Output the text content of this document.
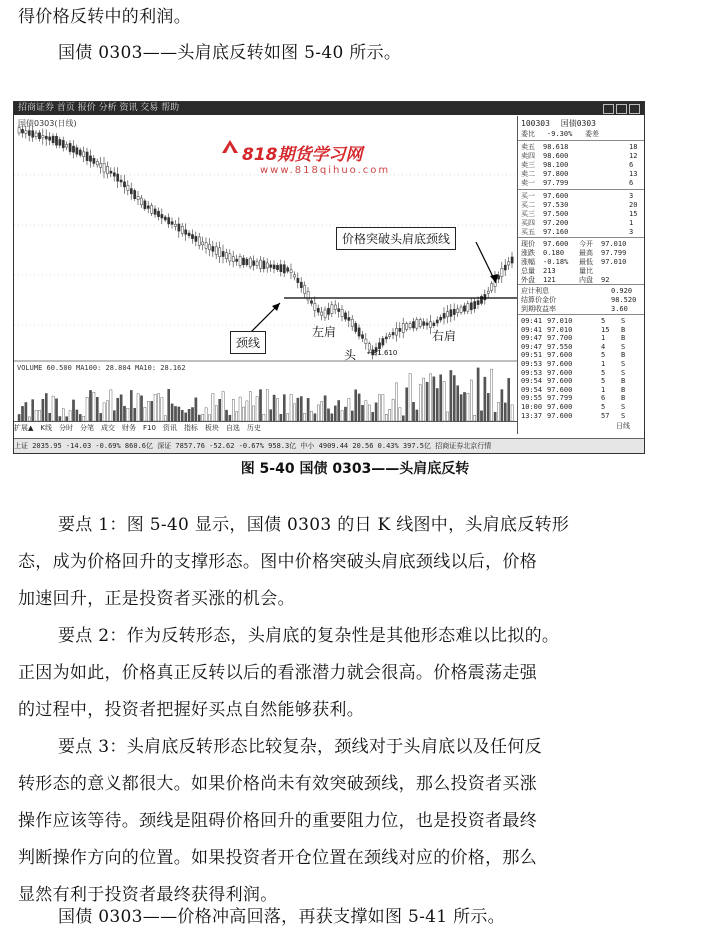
得价格反转中的利润。
国债 0303——头肩底反转如图 5-40 所示。
招商证券 首页 报价 分析 资讯 交易 帮助
国债0303(日线)
818期货学习网
www.818qihuo.com
价格突破头肩底颈线
颈线
左肩
头
右肩
←81.610
VOLUME 60.500 MA100: 28.804 MA10: 28.162
100303 国债0303
委比 -9.30% 委差
卖五 98.618	18
卖四 98.600	12
卖三 98.100	6
卖二 97.800	13
卖一 97.799	6
买一 97.600	3
买二 97.530	20
买三 97.500	15
买四 97.200	1
买五 97.160	3
现价 97.600 今开 97.010
涨跌 0.180 最高 97.799
涨幅 -0.18% 最低 97.010
总量 213	量比
外盘 121	内盘 92
应计利息	0.920
结算价金价	98.520
到期收益率	3.60
09:41 97.010	5 S
09:41 97.010	15 B
09:47 97.700	1 B
09:47 97.550	4 S
09:51 97.600	5 B
09:53 97.600	1 S
09:53 97.600	5 S
09:54 97.600	5 B
09:54 97.600	1 B
09:55 97.799	6 B
10:00 97.600	5 S
13:37 97.600	57 S
日线
扩展▲ K线 分时 分笔 成交 财务 F10 资讯 指标 板块 自选 历史
上证 2035.95 -14.03 -0.69% 860.6亿 深证 7857.76 -52.62 -0.67% 958.3亿 中小 4909.44 20.56 0.43% 397.5亿 招商证券北京行情
图 5-40 国债 0303——头肩底反转
要点 1：图 5-40 显示，国债 0303 的日 K 线图中，头肩底反转形
态，成为价格回升的支撑形态。图中价格突破头肩底颈线以后，价格
加速回升，正是投资者买涨的机会。
要点 2：作为反转形态，头肩底的复杂性是其他形态难以比拟的。
正因为如此，价格真正反转以后的看涨潜力就会很高。价格震荡走强
的过程中，投资者把握好买点自然能够获利。
要点 3：头肩底反转形态比较复杂，颈线对于头肩底以及任何反
转形态的意义都很大。如果价格尚未有效突破颈线，那么投资者买涨
操作应该等待。颈线是阻碍价格回升的重要阻力位，也是投资者最终
判断操作方向的位置。如果投资者开仓位置在颈线对应的价格，那么
显然有利于投资者最终获得利润。
国债 0303——价格冲高回落，再获支撑如图 5-41 所示。
